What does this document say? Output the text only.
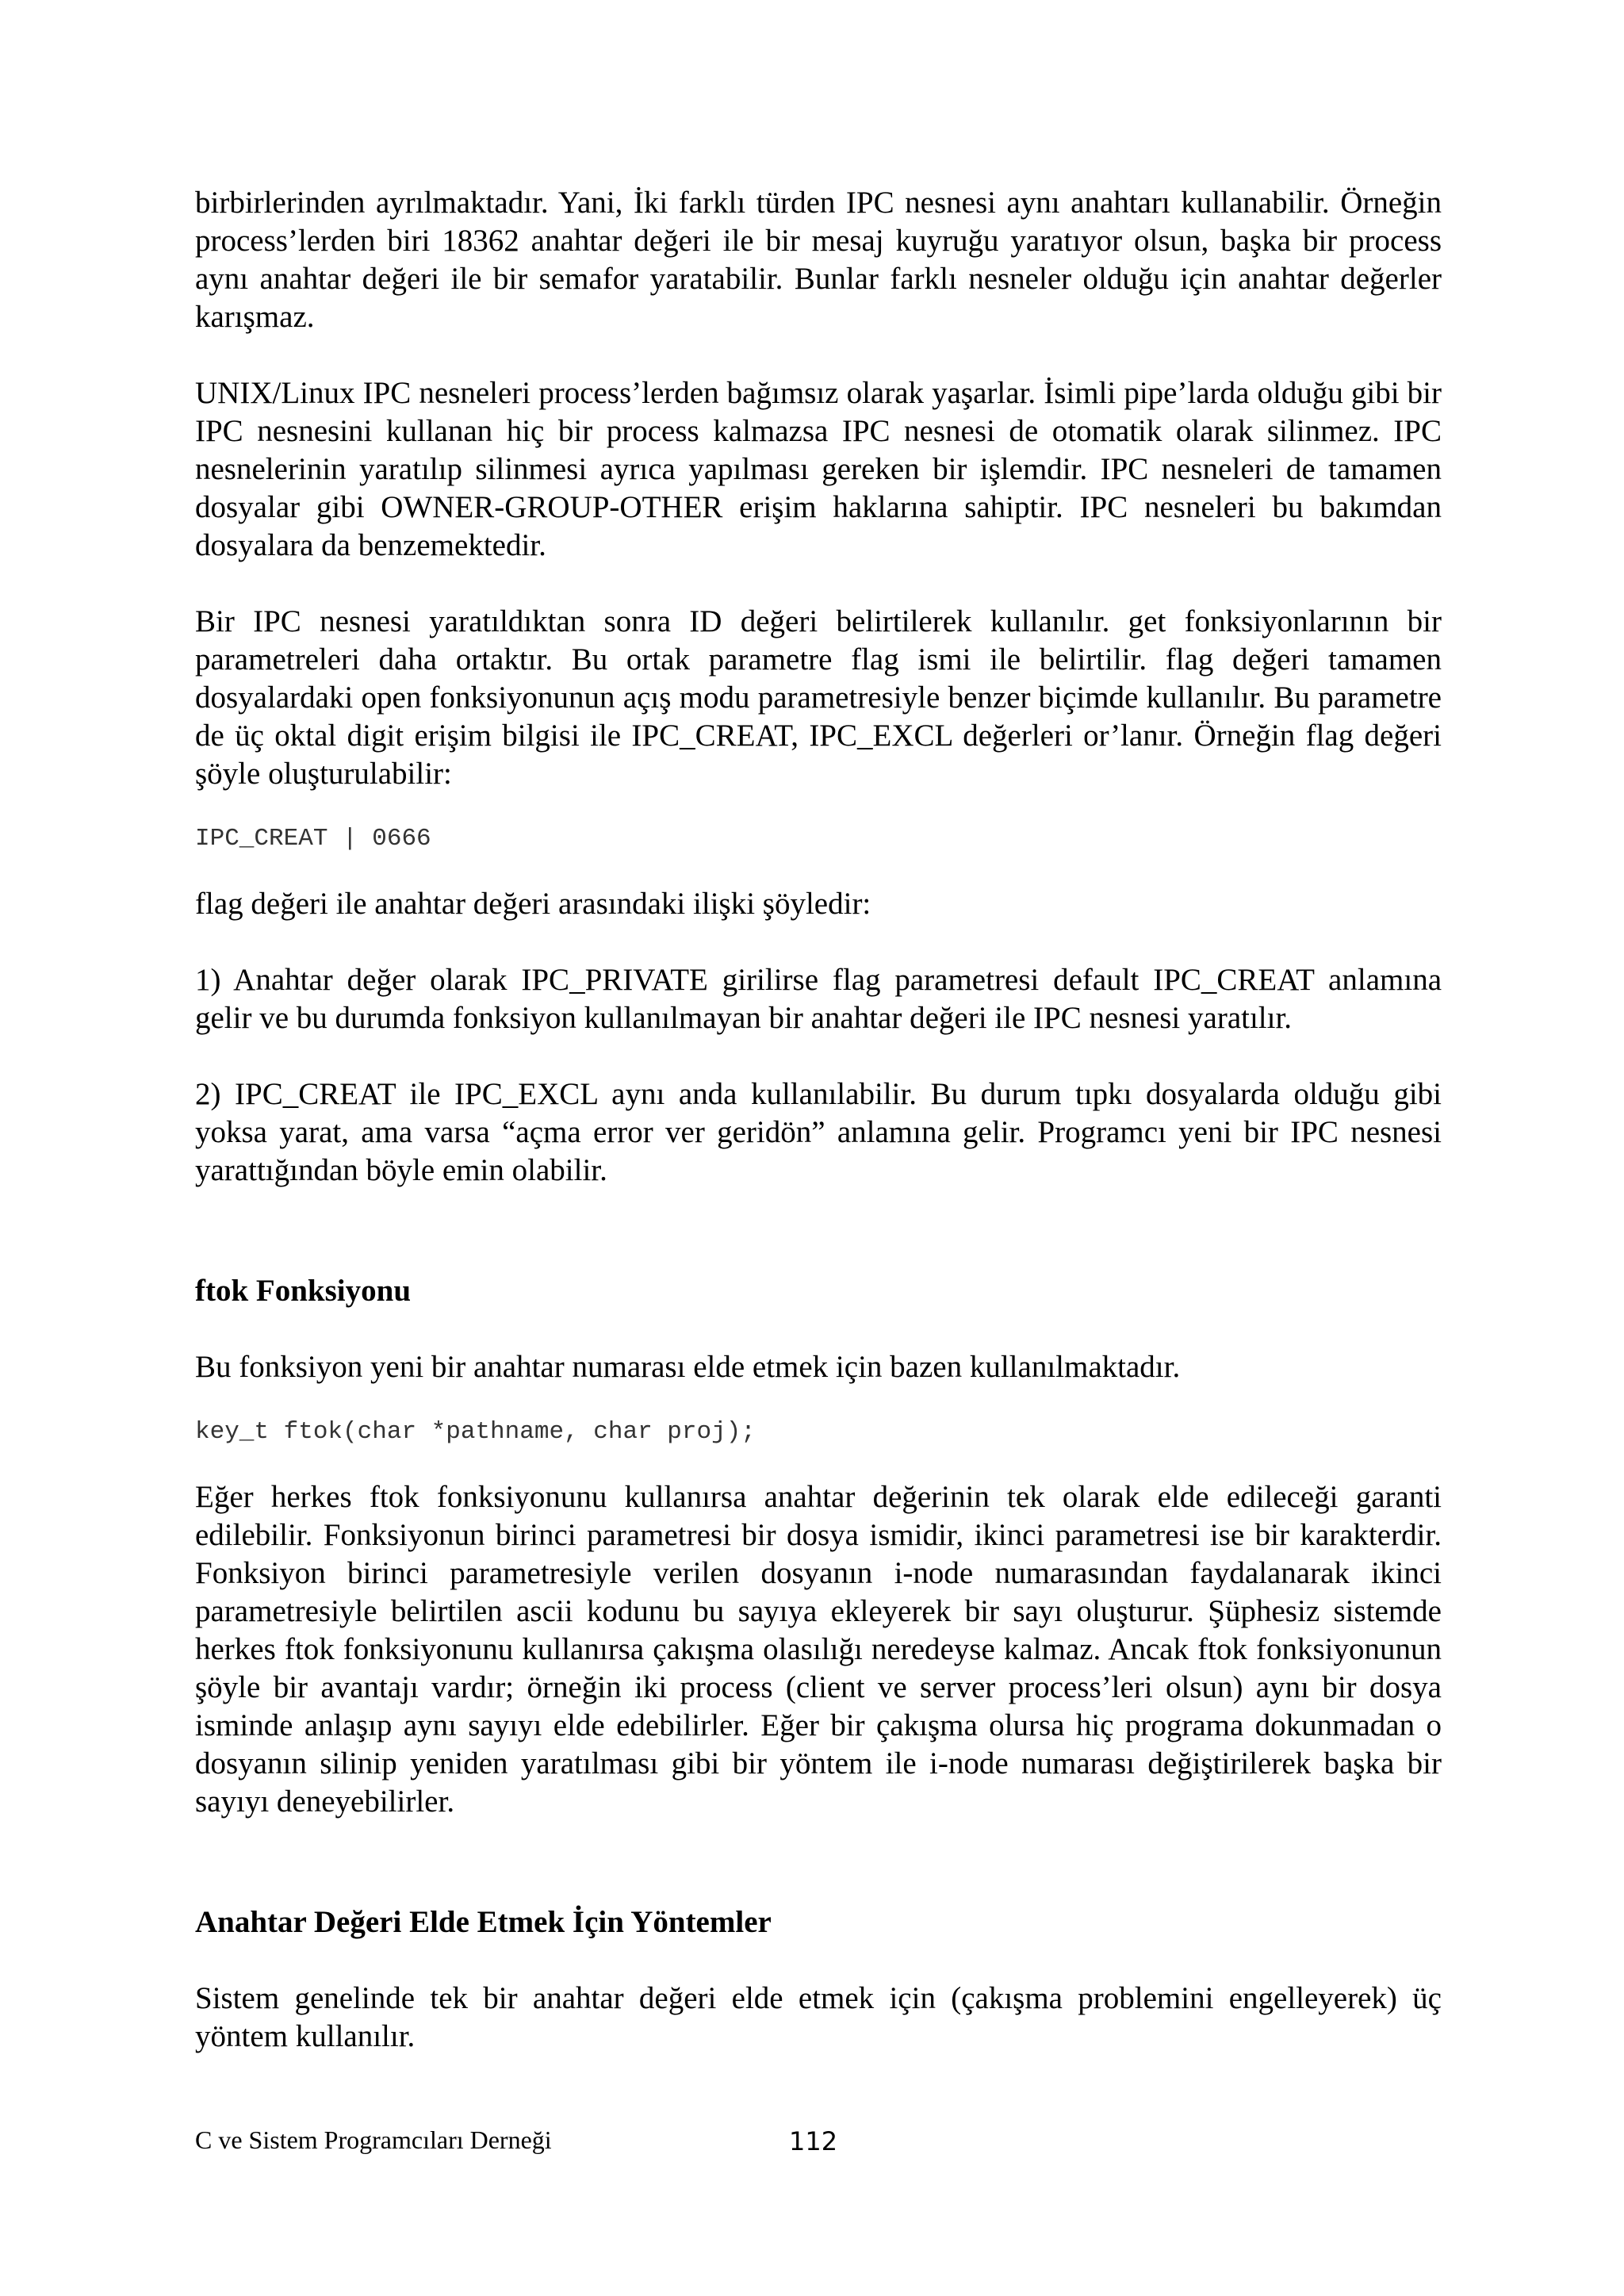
birbirlerinden ayrılmaktadır. Yani, İki farklı türden IPC nesnesi aynı anahtarı kullanabilir. Örneğin process’lerden biri 18362 anahtar değeri ile bir mesaj kuyruğu yaratıyor olsun, başka bir process aynı anahtar değeri ile bir semafor yaratabilir. Bunlar farklı nesneler olduğu için anahtar değerler karışmaz.

UNIX/Linux IPC nesneleri process’lerden bağımsız olarak yaşarlar. İsimli pipe’larda olduğu gibi bir IPC nesnesini kullanan hiç bir process kalmazsa IPC nesnesi de otomatik olarak silinmez. IPC nesnelerinin yaratılıp silinmesi ayrıca yapılması gereken bir işlemdir. IPC nesneleri de tamamen dosyalar gibi OWNER-GROUP-OTHER erişim haklarına sahiptir. IPC nesneleri bu bakımdan dosyalara da benzemektedir.

Bir IPC nesnesi yaratıldıktan sonra ID değeri belirtilerek kullanılır. get fonksiyonlarının bir parametreleri daha ortaktır. Bu ortak parametre flag ismi ile belirtilir. flag değeri tamamen dosyalardaki open fonksiyonunun açış modu parametresiyle benzer biçimde kullanılır. Bu parametre de üç oktal digit erişim bilgisi ile IPC_CREAT, IPC_EXCL değerleri or’lanır. Örneğin flag değeri şöyle oluşturulabilir:

IPC_CREAT | 0666

flag değeri ile anahtar değeri arasındaki ilişki şöyledir:

1) Anahtar değer olarak IPC_PRIVATE girilirse flag parametresi default IPC_CREAT anlamına gelir ve bu durumda fonksiyon kullanılmayan bir anahtar değeri ile IPC nesnesi yaratılır.

2) IPC_CREAT ile IPC_EXCL aynı anda kullanılabilir. Bu durum tıpkı dosyalarda olduğu gibi yoksa yarat, ama varsa “açma error ver geridön” anlamına gelir. Programcı yeni bir IPC nesnesi yarattığından böyle emin olabilir.

ftok Fonksiyonu

Bu fonksiyon yeni bir anahtar numarası elde etmek için bazen kullanılmaktadır.

key_t ftok(char *pathname, char proj);

Eğer herkes ftok fonksiyonunu kullanırsa anahtar değerinin tek olarak elde edileceği garanti edilebilir. Fonksiyonun birinci parametresi bir dosya ismidir, ikinci parametresi ise bir karakterdir. Fonksiyon birinci parametresiyle verilen dosyanın i-node numarasından faydalanarak ikinci parametresiyle belirtilen ascii kodunu bu sayıya ekleyerek bir sayı oluşturur. Şüphesiz sistemde herkes ftok fonksiyonunu kullanırsa çakışma olasılığı neredeyse kalmaz. Ancak ftok fonksiyonunun şöyle bir avantajı vardır; örneğin iki process (client ve server process’leri olsun) aynı bir dosya isminde anlaşıp aynı sayıyı elde edebilirler. Eğer bir çakışma olursa hiç programa dokunmadan o dosyanın silinip yeniden yaratılması gibi bir yöntem ile i-node numarası değiştirilerek başka bir sayıyı deneyebilirler.

Anahtar Değeri Elde Etmek İçin Yöntemler

Sistem genelinde tek bir anahtar değeri elde etmek için (çakışma problemini engelleyerek) üç yöntem kullanılır.

C ve Sistem Programcıları Derneği	112
